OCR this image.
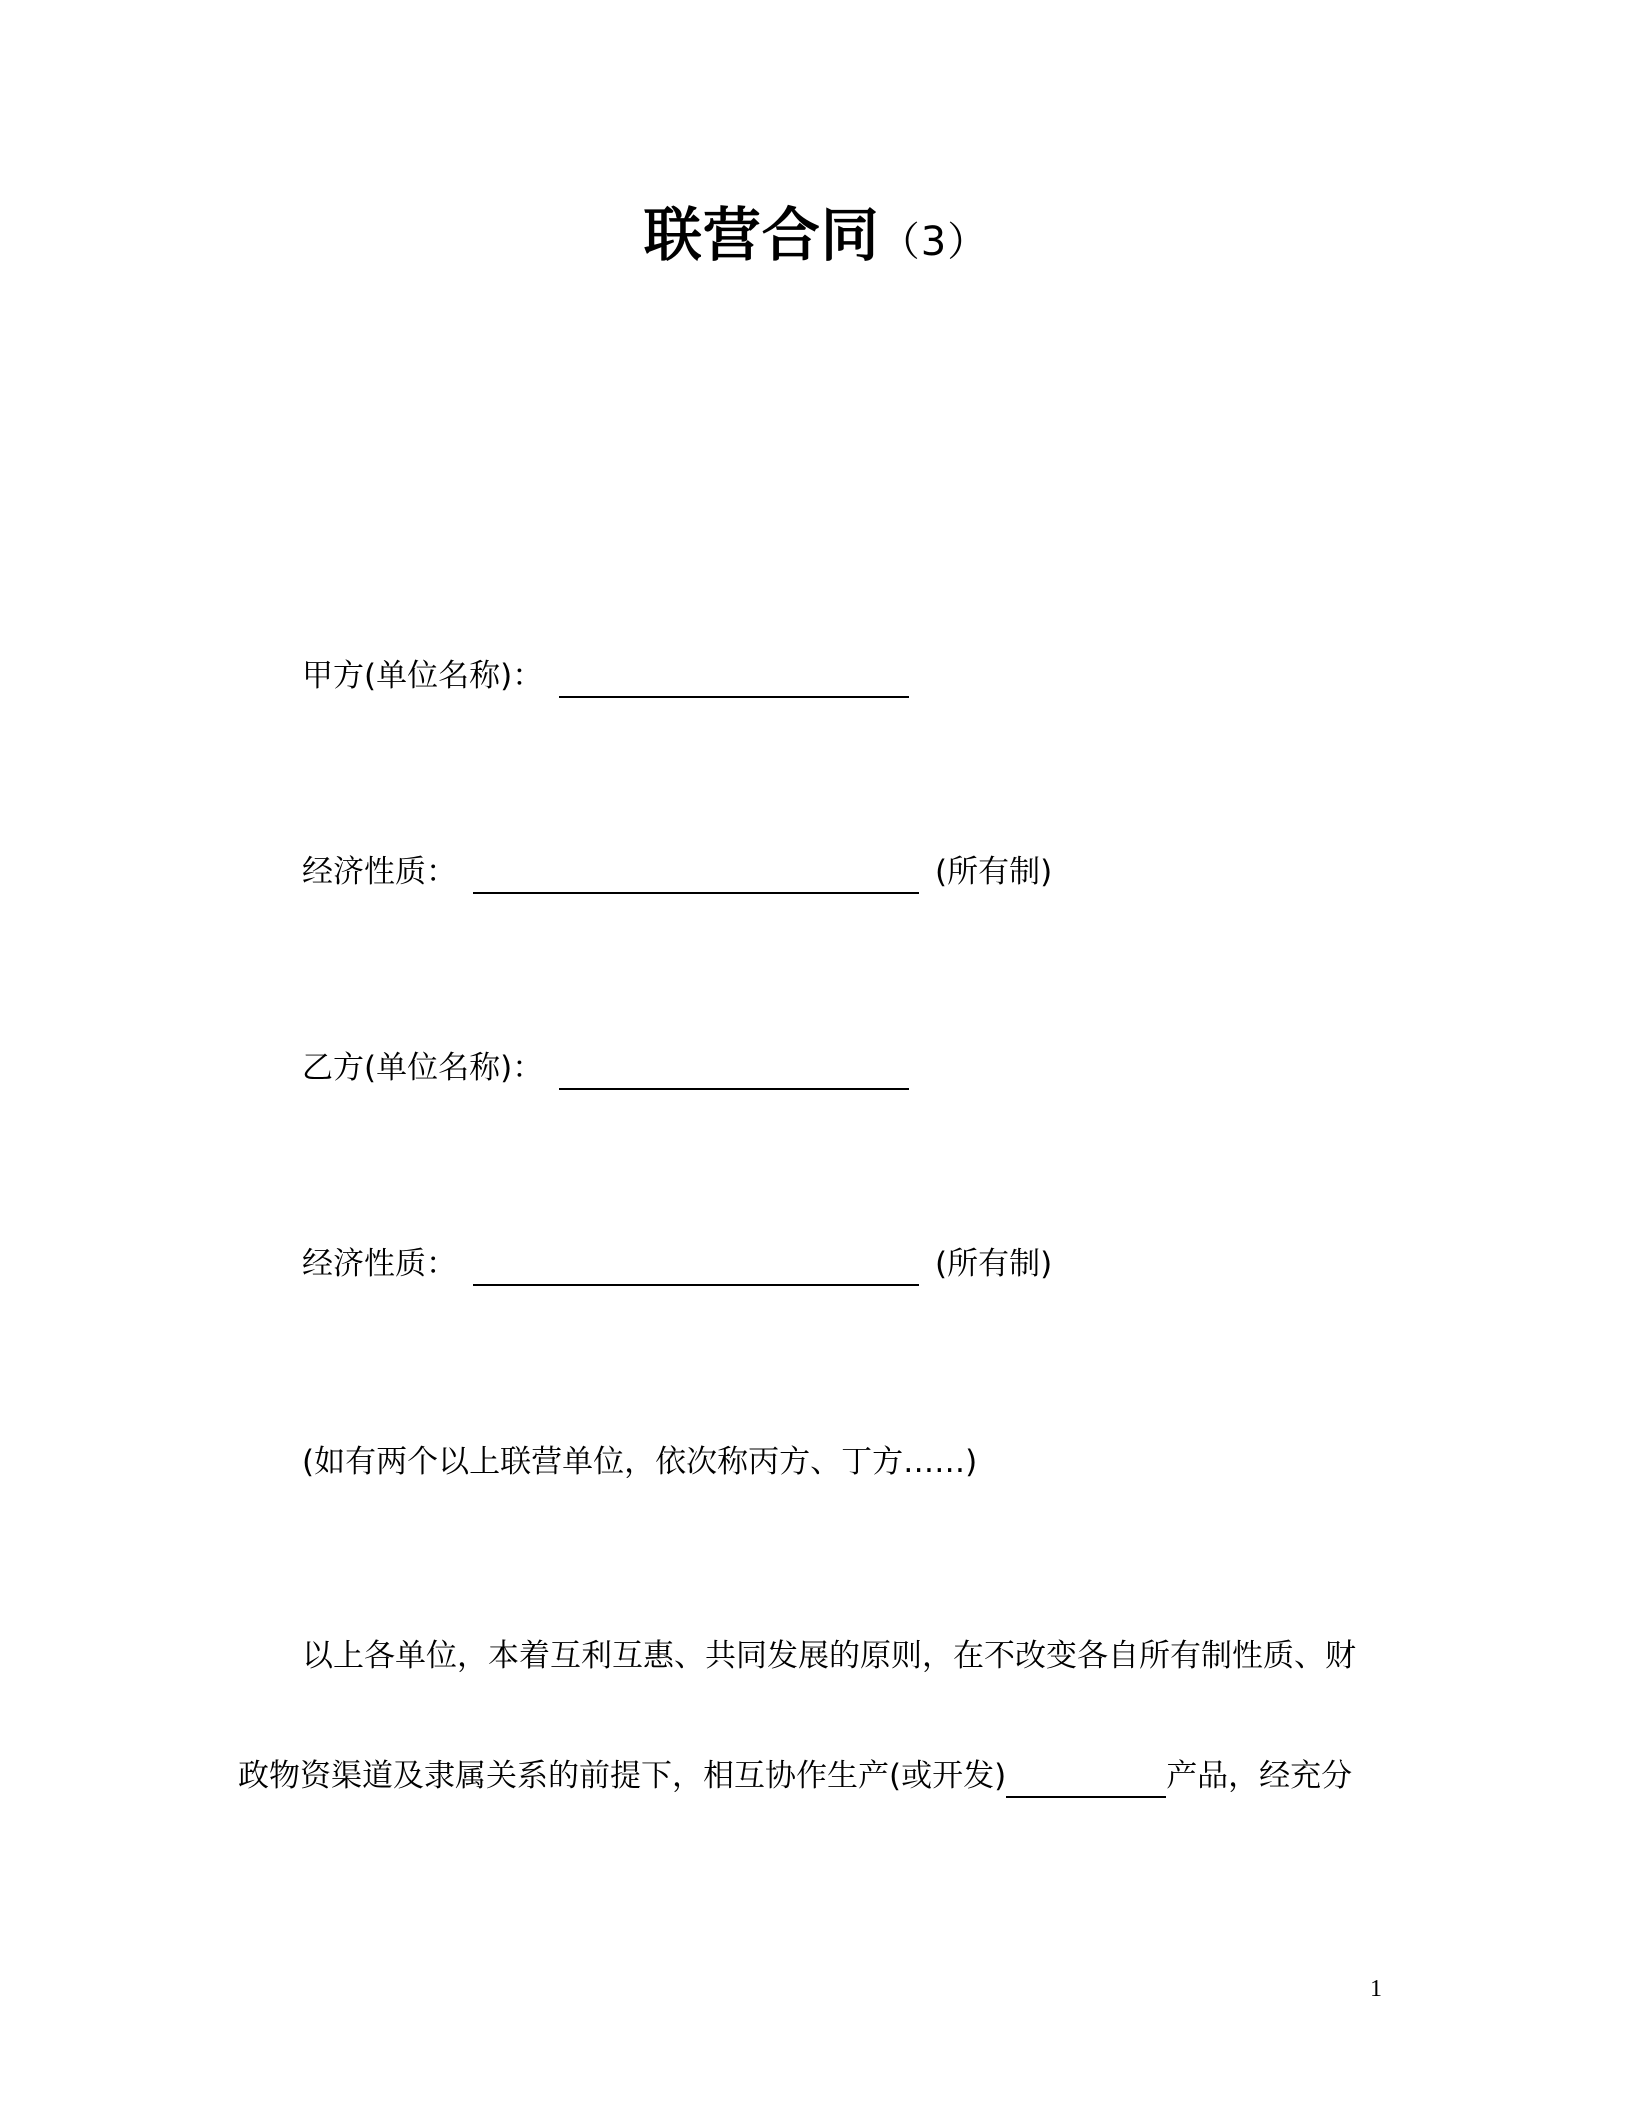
联营合同（3）
甲方(单位名称)：
经济性质：	(所有制)
乙方(单位名称)：
经济性质：	(所有制)
(如有两个以上联营单位，依次称丙方、丁方……)
以上各单位，本着互利互惠、共同发展的原则，在不改变各自所有制性质、财
政物资渠道及隶属关系的前提下，相互协作生产(或开发)	产品，经充分
1
